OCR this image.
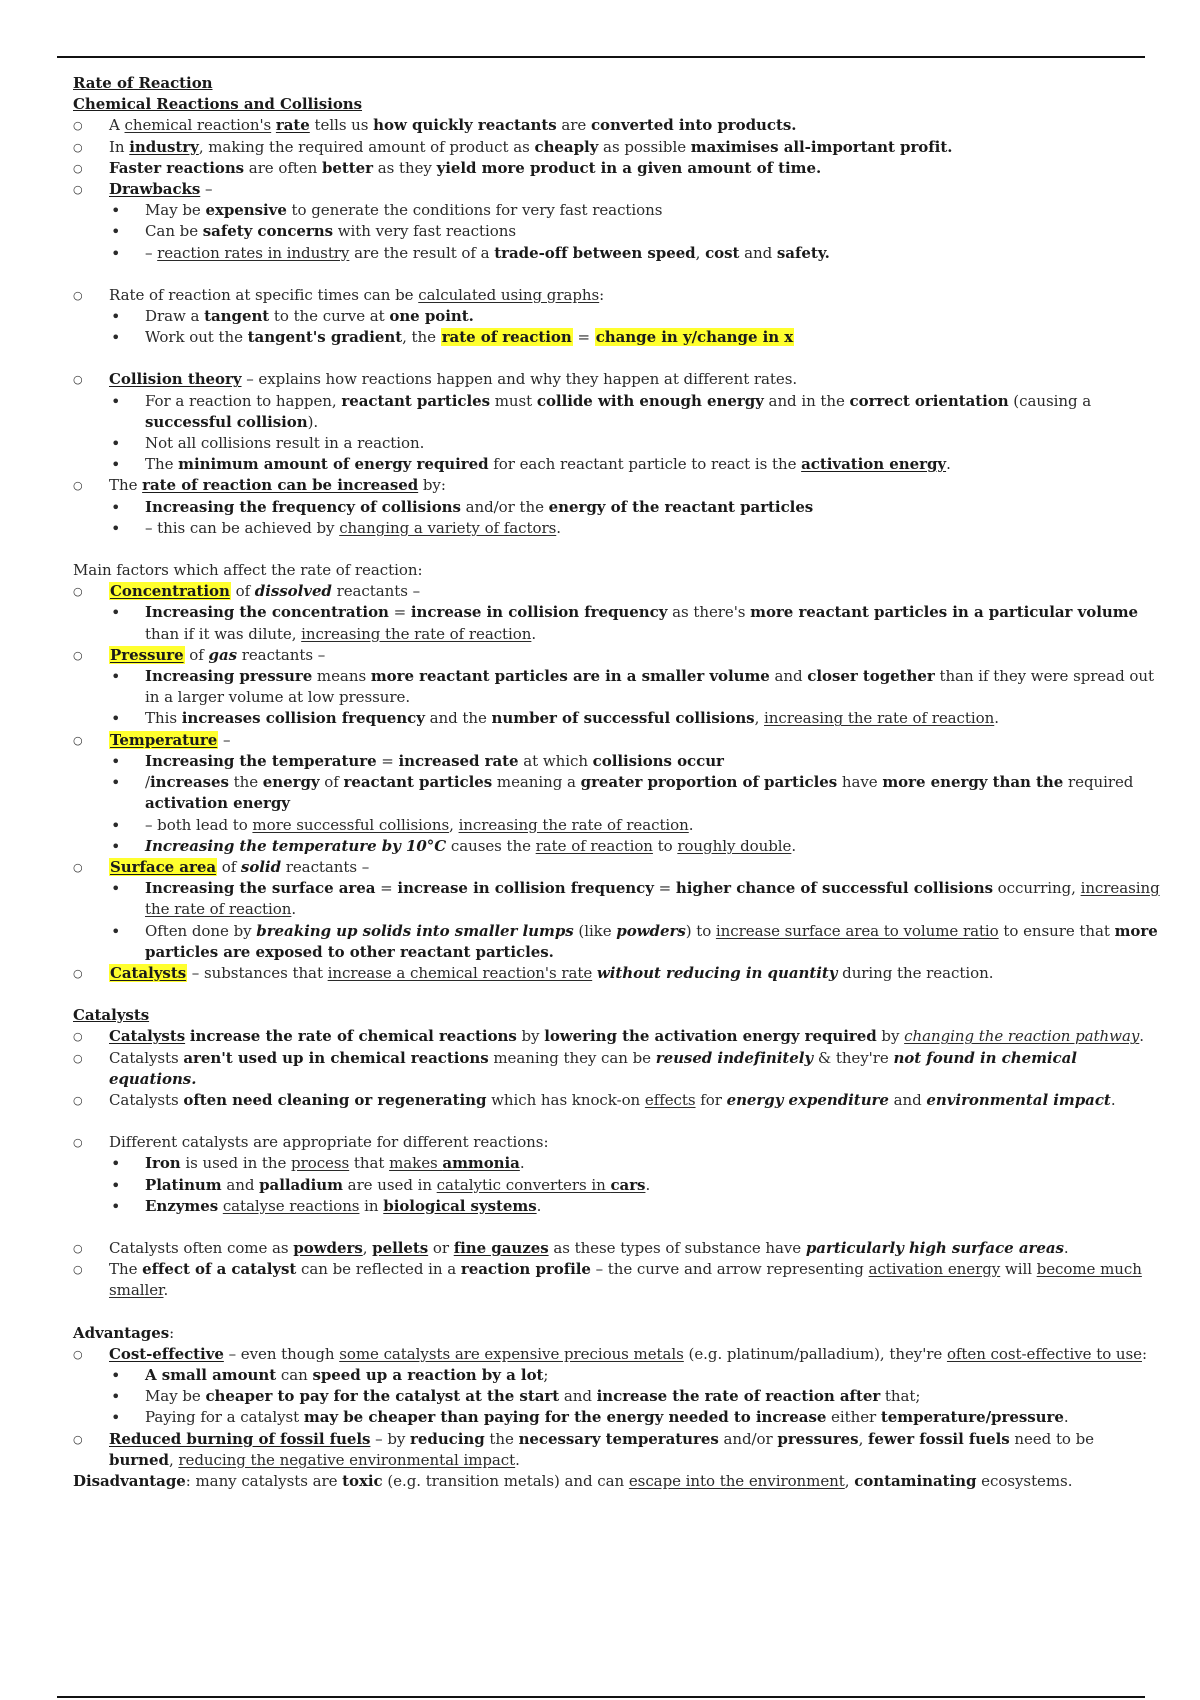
Rate of Reaction
Chemical Reactions and Collisions
○ A chemical reaction's rate tells us how quickly reactants are converted into products.
○ In industry, making the required amount of product as cheaply as possible maximises all-important profit.
○ Faster reactions are often better as they yield more product in a given amount of time.
○ Drawbacks –
• May be expensive to generate the conditions for very fast reactions
• Can be safety concerns with very fast reactions
• – reaction rates in industry are the result of a trade-off between speed, cost and safety.
○ Rate of reaction at specific times can be calculated using graphs:
• Draw a tangent to the curve at one point.
• Work out the tangent's gradient, the rate of reaction = change in y/change in x
○ Collision theory – explains how reactions happen and why they happen at different rates.
• For a reaction to happen, reactant particles must collide with enough energy and in the correct orientation (causing a successful collision).
• Not all collisions result in a reaction.
• The minimum amount of energy required for each reactant particle to react is the activation energy.
○ The rate of reaction can be increased by:
• Increasing the frequency of collisions and/or the energy of the reactant particles
• – this can be achieved by changing a variety of factors.
Main factors which affect the rate of reaction:
○ Concentration of dissolved reactants –
• Increasing the concentration = increase in collision frequency as there's more reactant particles in a particular volume than if it was dilute, increasing the rate of reaction.
○ Pressure of gas reactants –
• Increasing pressure means more reactant particles are in a smaller volume and closer together than if they were spread out in a larger volume at low pressure.
• This increases collision frequency and the number of successful collisions, increasing the rate of reaction.
○ Temperature –
• Increasing the temperature = increased rate at which collisions occur
• /increases the energy of reactant particles meaning a greater proportion of particles have more energy than the required activation energy
• – both lead to more successful collisions, increasing the rate of reaction.
• Increasing the temperature by 10°C causes the rate of reaction to roughly double.
○ Surface area of solid reactants –
• Increasing the surface area = increase in collision frequency = higher chance of successful collisions occurring, increasing the rate of reaction.
• Often done by breaking up solids into smaller lumps (like powders) to increase surface area to volume ratio to ensure that more particles are exposed to other reactant particles.
○ Catalysts – substances that increase a chemical reaction's rate without reducing in quantity during the reaction.
Catalysts
○ Catalysts increase the rate of chemical reactions by lowering the activation energy required by changing the reaction pathway.
○ Catalysts aren't used up in chemical reactions meaning they can be reused indefinitely & they're not found in chemical equations.
○ Catalysts often need cleaning or regenerating which has knock-on effects for energy expenditure and environmental impact.
○ Different catalysts are appropriate for different reactions:
• Iron is used in the process that makes ammonia.
• Platinum and palladium are used in catalytic converters in cars.
• Enzymes catalyse reactions in biological systems.
○ Catalysts often come as powders, pellets or fine gauzes as these types of substance have particularly high surface areas.
○ The effect of a catalyst can be reflected in a reaction profile – the curve and arrow representing activation energy will become much smaller.
Advantages:
○ Cost-effective – even though some catalysts are expensive precious metals (e.g. platinum/palladium), they're often cost-effective to use:
• A small amount can speed up a reaction by a lot;
• May be cheaper to pay for the catalyst at the start and increase the rate of reaction after that;
• Paying for a catalyst may be cheaper than paying for the energy needed to increase either temperature/pressure.
○ Reduced burning of fossil fuels – by reducing the necessary temperatures and/or pressures, fewer fossil fuels need to be burned, reducing the negative environmental impact.
Disadvantage: many catalysts are toxic (e.g. transition metals) and can escape into the environment, contaminating ecosystems.
